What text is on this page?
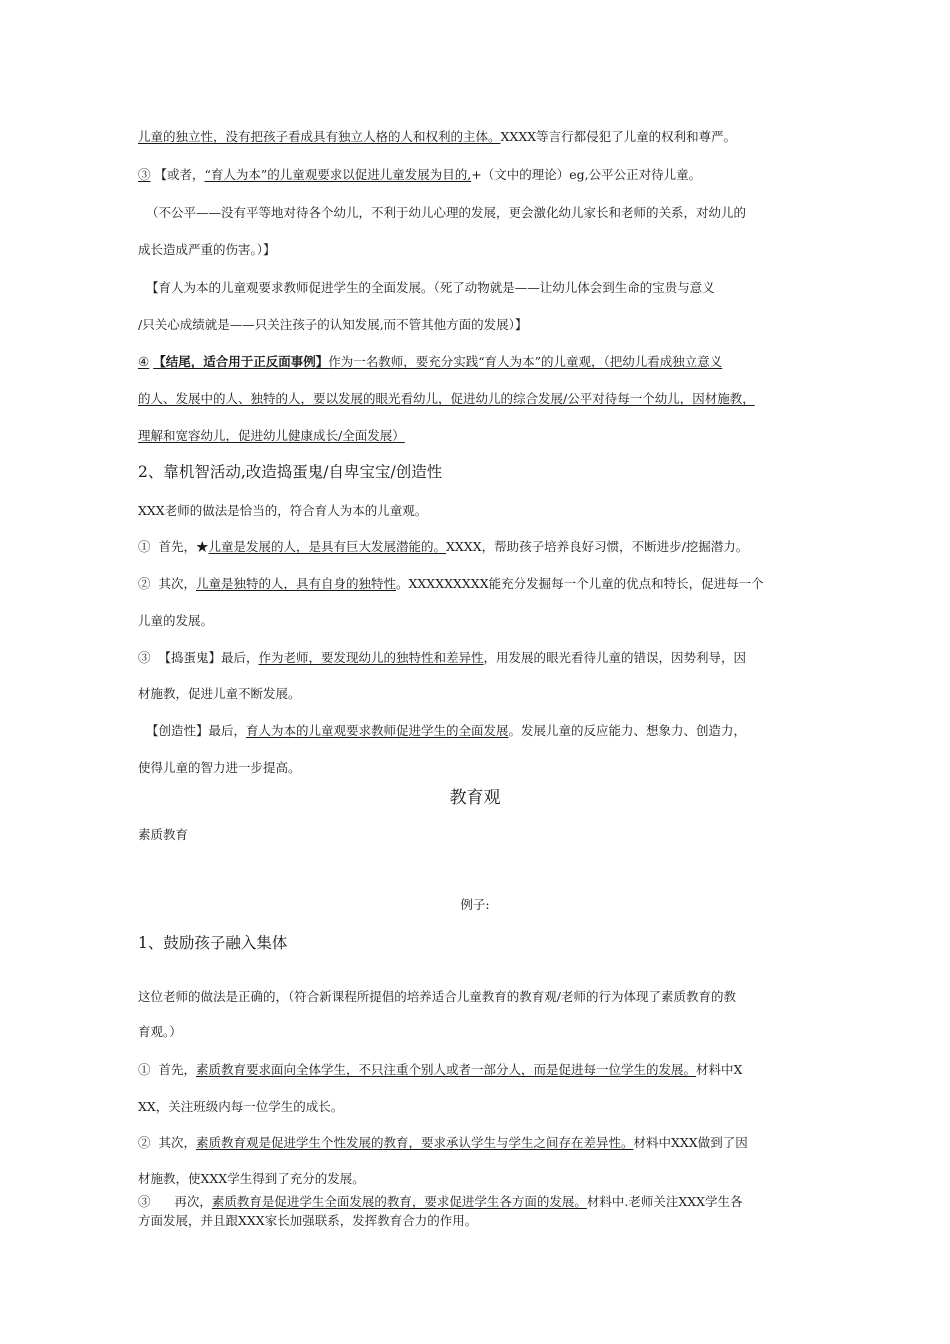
儿童的独立性，没有把孩子看成具有独立人格的人和权利的主体。XXXX等言行都侵犯了儿童的权利和尊严。
③ 【或者，“育人为本”的儿童观要求以促进儿童发展为目的,+（文中的理论）eg,公平公正对待儿童。
（不公平——没有平等地对待各个幼儿，不利于幼儿心理的发展，更会激化幼儿家长和老师的关系，对幼儿的
成长造成严重的伤害。）】
【育人为本的儿童观要求教师促进学生的全面发展。（死了动物就是——让幼儿体会到生命的宝贵与意义
/只关心成绩就是——只关注孩子的认知发展,而不管其他方面的发展）】
④ 【结尾，适合用于正反面事例】作为一名教师，要充分实践“育人为本”的儿童观，（把幼儿看成独立意义
的人、发展中的人、独特的人，要以发展的眼光看幼儿，促进幼儿的综合发展/公平对待每一个幼儿，因材施教，
理解和宽容幼儿，促进幼儿健康成长/全面发展）
2、靠机智活动,改造捣蛋鬼/自卑宝宝/创造性
XXX老师的做法是恰当的，符合育人为本的儿童观。
① 首先，★儿童是发展的人，是具有巨大发展潜能的。XXXX，帮助孩子培养良好习惯，不断进步/挖掘潜力。
② 其次，儿童是独特的人，具有自身的独特性。XXXXXXXXX能充分发掘每一个儿童的优点和特长，促进每一个
儿童的发展。
③ 【捣蛋鬼】最后，作为老师，要发现幼儿的独特性和差异性，用发展的眼光看待儿童的错误，因势利导，因
材施教，促进儿童不断发展。
【创造性】最后，育人为本的儿童观要求教师促进学生的全面发展。发展儿童的反应能力、想象力、创造力，
使得儿童的智力进一步提高。
教育观
素质教育
例子:
1、鼓励孩子融入集体
这位老师的做法是正确的，（符合新课程所提倡的培养适合儿童教育的教育观/老师的行为体现了素质教育的教
育观。）
① 首先，素质教育要求面向全体学生，不只注重个别人或者一部分人，而是促进每一位学生的发展。材料中X
XX，关注班级内每一位学生的成长。
② 其次，素质教育观是促进学生个性发展的教育，要求承认学生与学生之间存在差异性。材料中XXX做到了因
材施教，使XXX学生得到了充分的发展。
③ 再次，素质教育是促进学生全面发展的教育，要求促进学生各方面的发展。材料中.老师关注XXX学生各
方面发展，并且跟XXX家长加强联系，发挥教育合力的作用。
